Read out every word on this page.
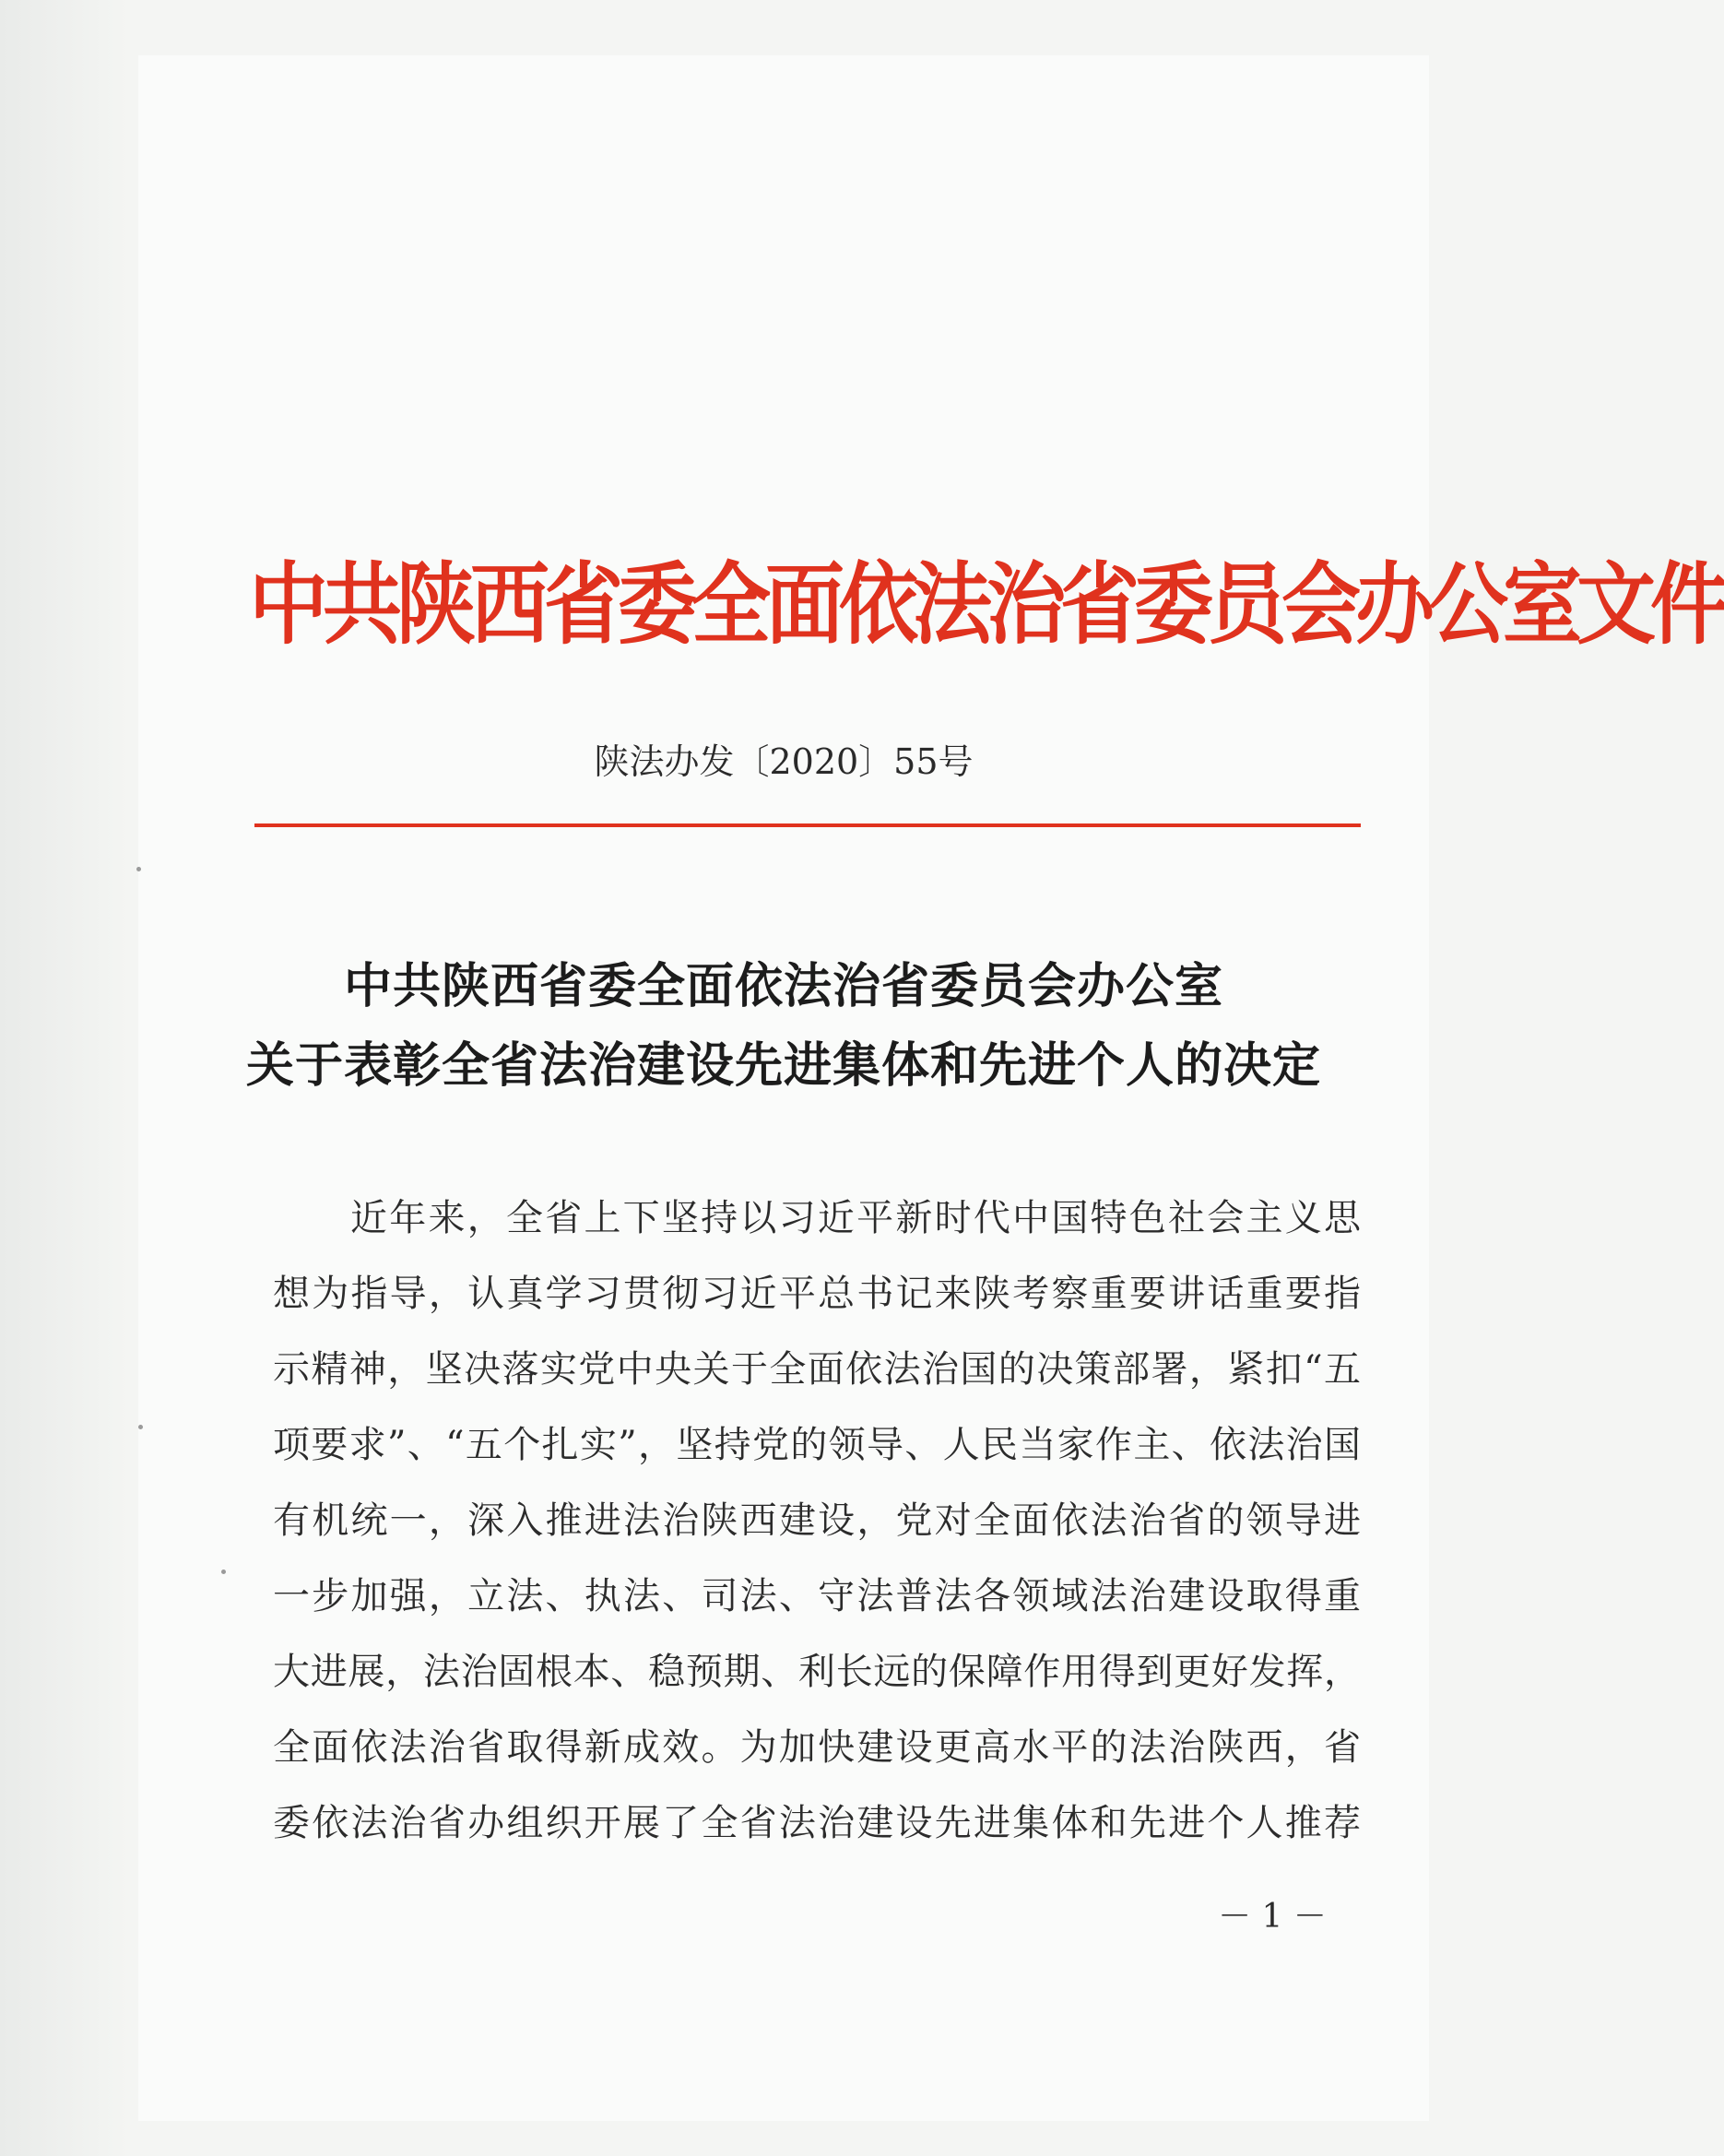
中共陕西省委全面依法治省委员会办公室文件
陕法办发〔2020〕55号
中共陕西省委全面依法治省委员会办公室
关于表彰全省法治建设先进集体和先进个人的决定
近年来，全省上下坚持以习近平新时代中国特色社会主义思
想为指导，认真学习贯彻习近平总书记来陕考察重要讲话重要指
示精神，坚决落实党中央关于全面依法治国的决策部署，紧扣“五
项要求”、“五个扎实”，坚持党的领导、人民当家作主、依法治国
有机统一，深入推进法治陕西建设，党对全面依法治省的领导进
一步加强，立法、执法、司法、守法普法各领域法治建设取得重
大进展，法治固根本、稳预期、利长远的保障作用得到更好发挥，
全面依法治省取得新成效。为加快建设更高水平的法治陕西，省
委依法治省办组织开展了全省法治建设先进集体和先进个人推荐
－ 1 －
